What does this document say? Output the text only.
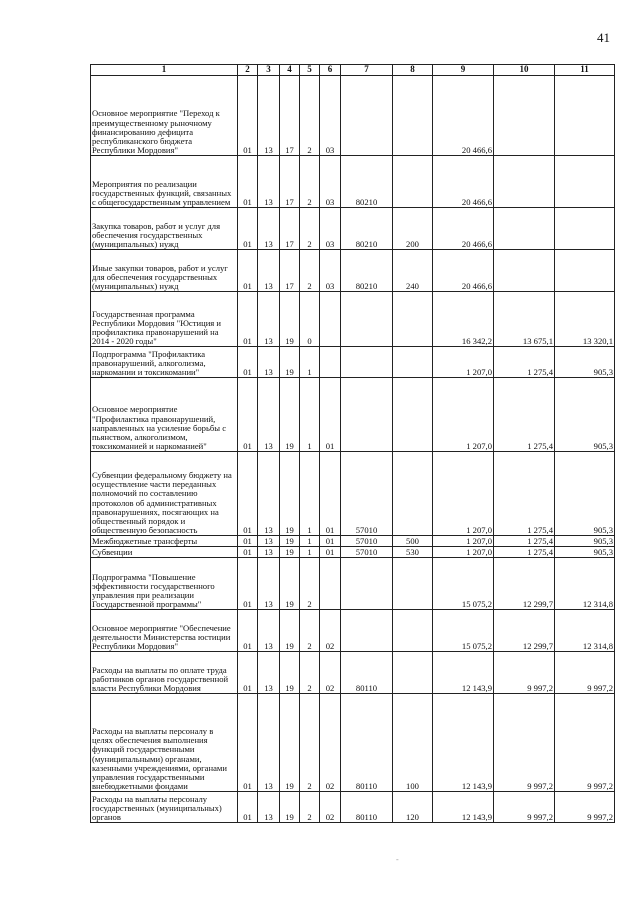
41
1	2	3	4	5	6	7	8	9	10	11
Основное мероприятие "Переход к преимущественному рыночному финансированию дефицита республиканского бюджета Республики Мордовия"	01	13	17	2	03			20 466,6		
Мероприятия по реализации государственных функций, связанных с общегосударственным управлением	01	13	17	2	03	80210		20 466,6		
Закупка товаров, работ и услуг для обеспечения государственных (муниципальных) нужд	01	13	17	2	03	80210	200	20 466,6		
Иные закупки товаров, работ и услуг для обеспечения государственных (муниципальных) нужд	01	13	17	2	03	80210	240	20 466,6		
Государственная программа Республики Мордовия "Юстиция и профилактика правонарушений на 2014 - 2020 годы"	01	13	19	0				16 342,2	13 675,1	13 320,1
Подпрограмма "Профилактика правонарушений, алкоголизма, наркомании и токсикомании"	01	13	19	1				1 207,0	1 275,4	905,3
Основное мероприятие "Профилактика правонарушений, направленных на усиление борьбы с пьянством, алкоголизмом, токсикоманией и наркоманией"	01	13	19	1	01			1 207,0	1 275,4	905,3
Субвенции федеральному бюджету на осуществление части переданных полномочий по составлению протоколов об административных правонарушениях, посягающих на общественный порядок и общественную безопасность	01	13	19	1	01	57010		1 207,0	1 275,4	905,3
Межбюджетные трансферты	01	13	19	1	01	57010	500	1 207,0	1 275,4	905,3
Субвенции	01	13	19	1	01	57010	530	1 207,0	1 275,4	905,3
Подпрограмма "Повышение эффективности государственного управления при реализации Государственной программы"	01	13	19	2				15 075,2	12 299,7	12 314,8
Основное мероприятие "Обеспечение деятельности Министерства юстиции Республики Мордовия"	01	13	19	2	02			15 075,2	12 299,7	12 314,8
Расходы на выплаты по оплате труда работников органов государственной власти Республики Мордовия	01	13	19	2	02	80110		12 143,9	9 997,2	9 997,2
Расходы на выплаты персоналу в целях обеспечения выполнения функций государственными (муниципальными) органами, казенными учреждениями, органами управления государственными внебюджетными фондами	01	13	19	2	02	80110	100	12 143,9	9 997,2	9 997,2
Расходы на выплаты персоналу государственных (муниципальных) органов	01	13	19	2	02	80110	120	12 143,9	9 997,2	9 997,2
-
